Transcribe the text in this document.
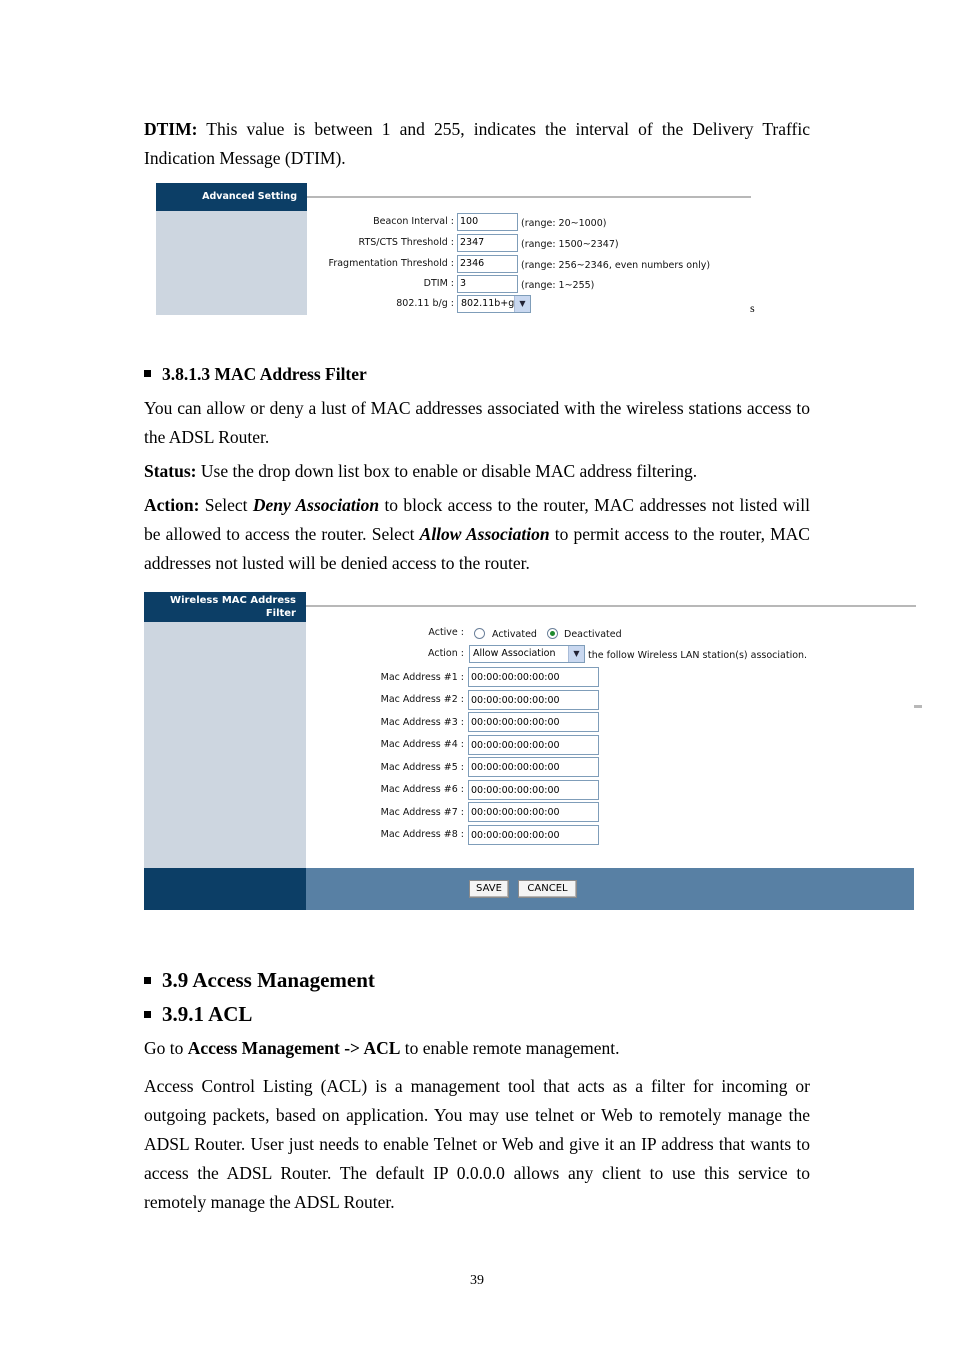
DTIM: This value is between 1 and 255, indicates the interval of the Delivery Traffic Indication Message (DTIM).

Advanced Setting
Beacon Interval : 100	(range: 20~1000)
RTS/CTS Threshold : 2347	(range: 1500~2347)
Fragmentation Threshold : 2346	(range: 256~2346, even numbers only)
DTIM : 3	(range: 1~255)
802.11 b/g : 802.11b+g ▼	s
3.8.1.3 MAC Address Filter

You can allow or deny a lust of MAC addresses associated with the wireless stations access to the ADSL Router.

Status: Use the drop down list box to enable or disable MAC address filtering.

Action: Select Deny Association to block access to the router, MAC addresses not listed will be allowed to access the router. Select Allow Association to permit access to the router, MAC addresses not lusted will be denied access to the router.

Wireless MAC Address
Filter
Active :	Activated	Deactivated
Action : Allow Association	▼ the follow Wireless LAN station(s) association.
Mac Address #1 : 00:00:00:00:00:00
Mac Address #2 : 00:00:00:00:00:00
Mac Address #3 : 00:00:00:00:00:00
Mac Address #4 : 00:00:00:00:00:00
Mac Address #5 : 00:00:00:00:00:00
Mac Address #6 : 00:00:00:00:00:00
Mac Address #7 : 00:00:00:00:00:00
Mac Address #8 : 00:00:00:00:00:00
SAVE	CANCEL
3.9 Access Management
3.9.1 ACL

Go to Access Management -> ACL to enable remote management.

Access Control Listing (ACL) is a management tool that acts as a filter for incoming or outgoing packets, based on application. You may use telnet or Web to remotely manage the ADSL Router. User just needs to enable Telnet or Web and give it an IP address that wants to access the ADSL Router. The default IP 0.0.0.0 allows any client to use this service to remotely manage the ADSL Router.

39
